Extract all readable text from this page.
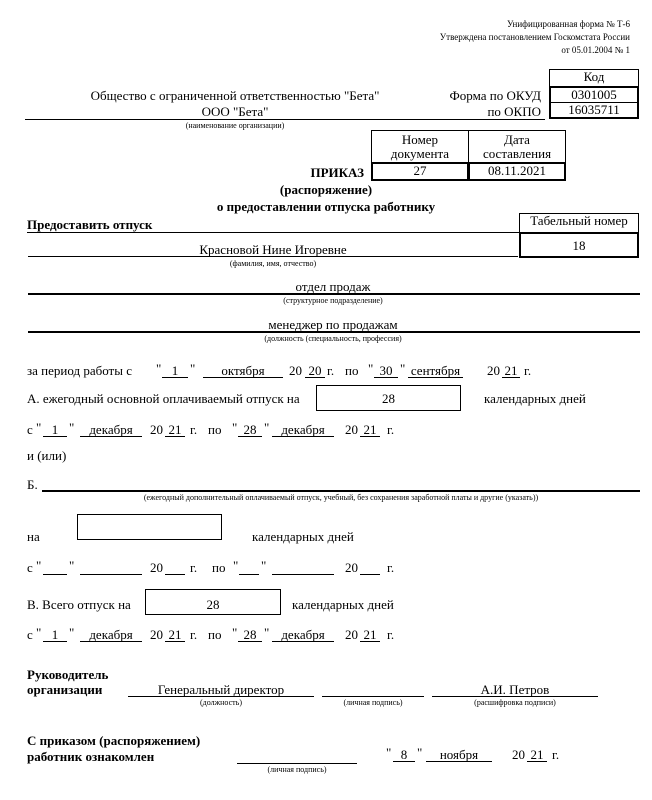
Унифицированная форма № Т-6
Утверждена постановлением Госкомстата России
от 05.01.2004 № 1
Код
0301005
16035711
Форма по ОКУД
по ОКПО
Общество с ограниченной ответственностью "Бета"
ООО "Бета"
(наименование организации)
Номер документа
Дата составления
27	08.11.2021
ПРИКАЗ
(распоряжение)
о предоставлении отпуска работнику
Предоставить отпуск	Табельный номер
18
Красновой Нине Игоревне
(фамилия, имя, отчество)
отдел продаж
(структурное подразделение)
менеджер по продажам
(должность (специальность, профессия)
за период работы с " 1 "	октября	20 20 г. по " 30 " сентября 20 21 г.
А. ежегодный основной оплачиваемый отпуск на	28	календарных дней
с " 1 "	декабря	20 21 г. по " 28 " декабря	20 21 г.
и (или)
Б.
(ежегодный дополнительный оплачиваемый отпуск, учебный, без сохранения заработной платы и другие (указать))
на	календарных дней
с " "	20 г. по " "	20 г.
В. Всего отпуск на	28	календарных дней
с " 1 "	декабря	20 21 г. по " 28 " декабря	20 21 г.
Руководитель
организации	Генеральный директор
(должность)	(личная подпись)
А.И. Петров
(расшифровка подписи)
С приказом (распоряжением)
работник ознакомлен
(личная подпись)
" 8 "	ноября	20 21 г.
